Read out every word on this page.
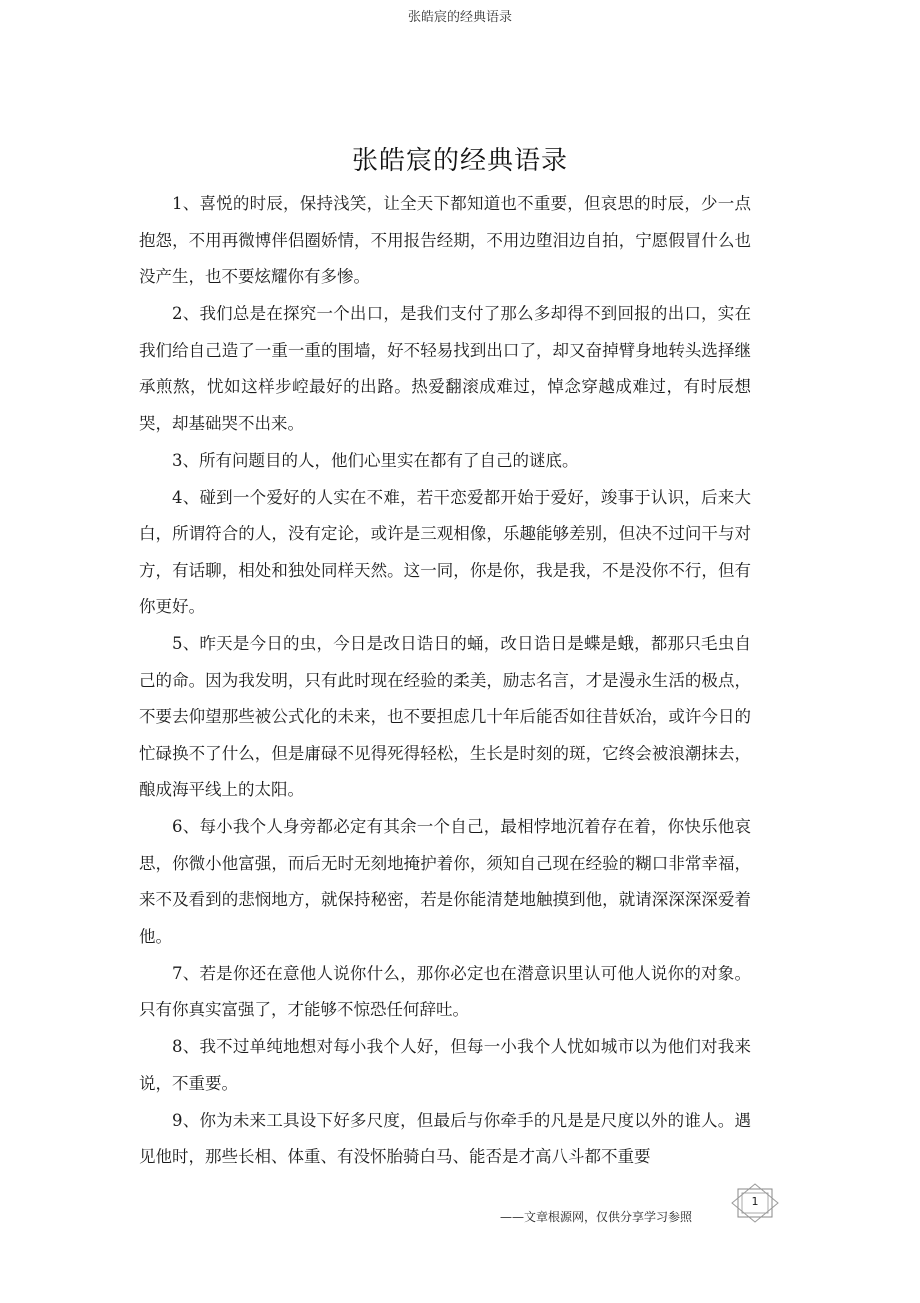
张皓宸的经典语录
张皓宸的经典语录

1、喜悦的时辰，保持浅笑，让全天下都知道也不重要，但哀思的时辰，少一点抱怨，不用再微博伴侣圈娇情，不用报告经期，不用边堕泪边自拍，宁愿假冒什么也没产生，也不要炫耀你有多惨。

2、我们总是在探究一个出口，是我们支付了那么多却得不到回报的出口，实在我们给自己造了一重一重的围墙，好不轻易找到出口了，却又奋掉臂身地转头选择继承煎熬，忧如这样步崆最好的出路。热爱翻滚成难过，悼念穿越成难过，有时辰想哭，却基础哭不出来。

3、所有问题目的人，他们心里实在都有了自己的谜底。

4、碰到一个爱好的人实在不难，若干恋爱都开始于爱好，竣事于认识，后来大白，所谓符合的人，没有定论，或许是三观相像，乐趣能够差别，但决不过问干与对方，有话聊，相处和独处同样天然。这一同，你是你，我是我，不是没你不行，但有你更好。

5、昨天是今日的虫，今日是改日诰日的蛹，改日诰日是蝶是蛾，都那只毛虫自己的命。因为我发明，只有此时现在经验的柔美，励志名言，才是漫永生活的极点，不要去仰望那些被公式化的未来，也不要担虑几十年后能否如往昔妖冶，或许今日的忙碌换不了什么，但是庸碌不见得死得轻松，生长是时刻的斑，它终会被浪潮抹去，酿成海平线上的太阳。

6、每小我个人身旁都必定有其余一个自己，最相悖地沉着存在着，你快乐他哀思，你微小他富强，而后无时无刻地掩护着你，须知自己现在经验的糊口非常幸福，来不及看到的悲悯地方，就保持秘密，若是你能清楚地触摸到他，就请深深深深爱着他。

7、若是你还在意他人说你什么，那你必定也在潜意识里认可他人说你的对象。只有你真实富强了，才能够不惊恐任何辞吐。

8、我不过单纯地想对每小我个人好，但每一小我个人忧如城市以为他们对我来说，不重要。

9、你为未来工具设下好多尺度，但最后与你牵手的凡是是尺度以外的谁人。遇见他时，那些长相、体重、有没怀胎骑白马、能否是才高八斗都不重要

1
——文章根源网，仅供分享学习参照
